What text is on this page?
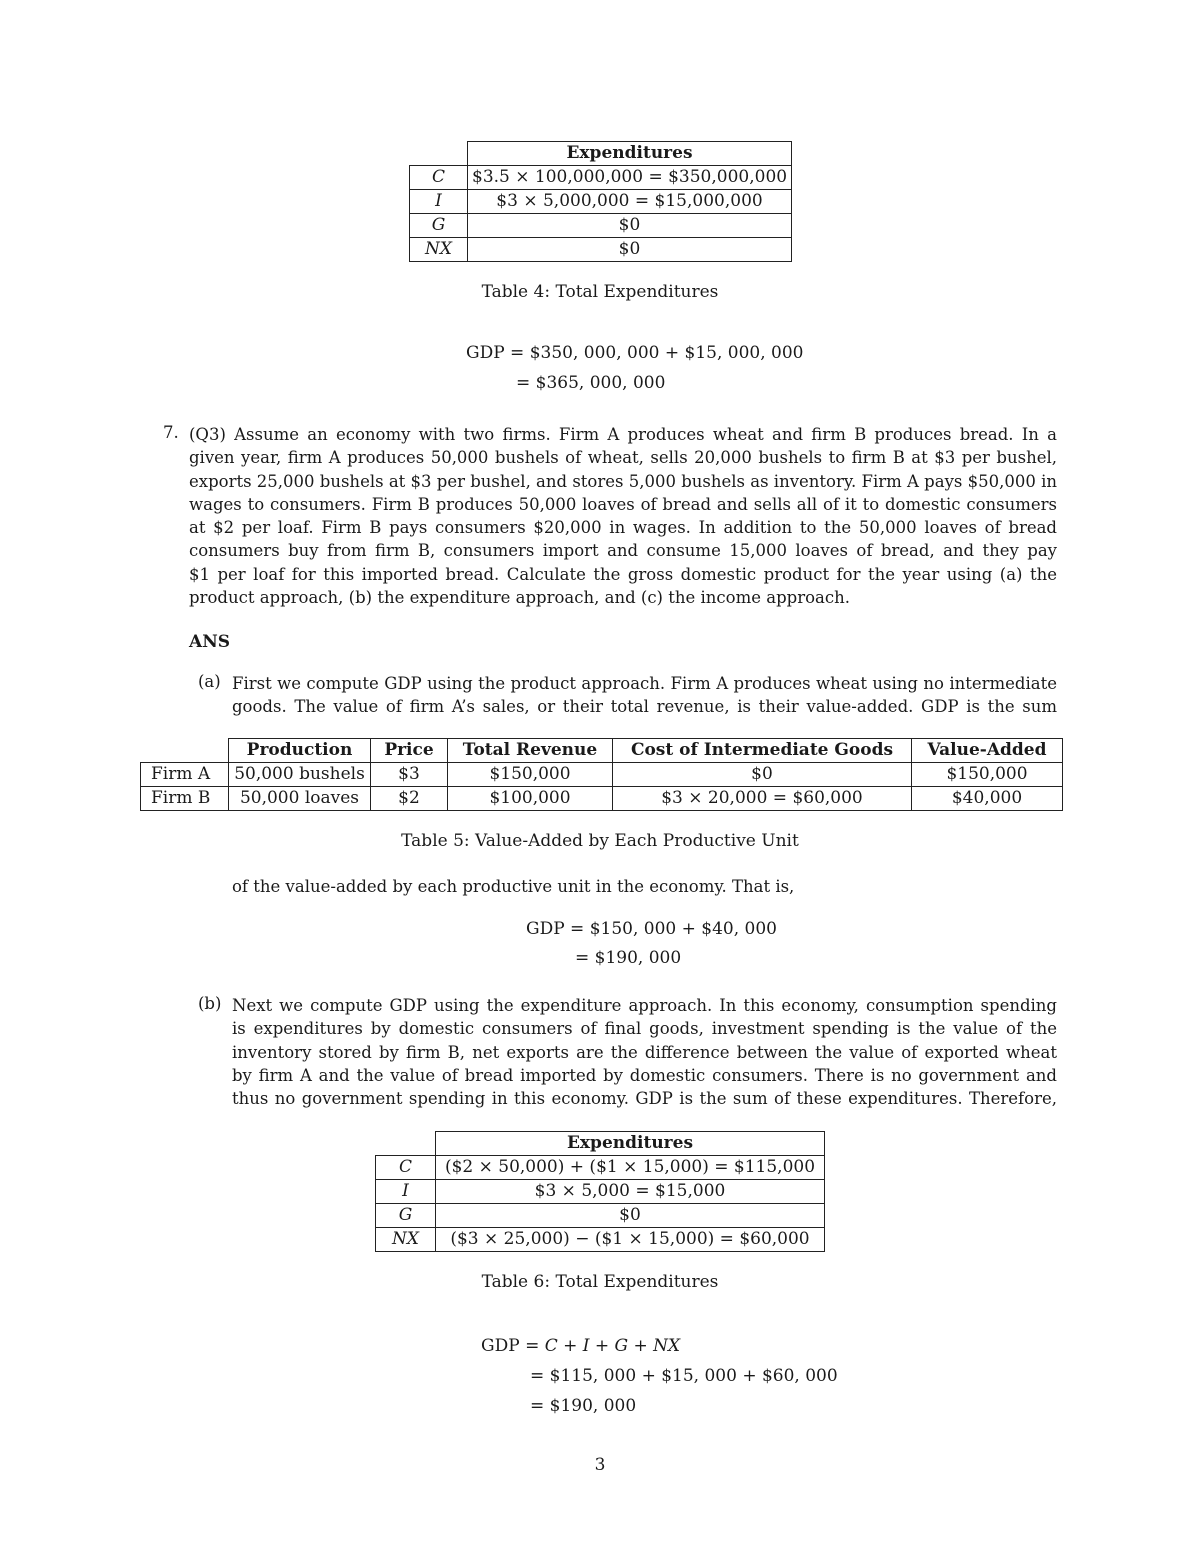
	Expenditures
C	$3.5 × 100,000,000 = $350,000,000
I	$3 × 5,000,000 = $15,000,000
G	$0
NX	$0
Table 4: Total Expenditures
GDP = $350, 000, 000 + $15, 000, 000
= $365, 000, 000
7. (Q3) Assume an economy with two firms. Firm A produces wheat and firm B produces bread. In a
given year, firm A produces 50,000 bushels of wheat, sells 20,000 bushels to firm B at $3 per bushel,
exports 25,000 bushels at $3 per bushel, and stores 5,000 bushels as inventory. Firm A pays $50,000 in
wages to consumers. Firm B produces 50,000 loaves of bread and sells all of it to domestic consumers
at $2 per loaf. Firm B pays consumers $20,000 in wages. In addition to the 50,000 loaves of bread
consumers buy from firm B, consumers import and consume 15,000 loaves of bread, and they pay
$1 per loaf for this imported bread. Calculate the gross domestic product for the year using (a) the
product approach, (b) the expenditure approach, and (c) the income approach.
ANS
(a) First we compute GDP using the product approach. Firm A produces wheat using no intermediate
goods. The value of firm A’s sales, or their total revenue, is their value-added. GDP is the sum
	Production	Price	Total Revenue	Cost of Intermediate Goods	Value-Added
Firm A	50,000 bushels	$3	$150,000	$0	$150,000
Firm B	50,000 loaves	$2	$100,000	$3 × 20,000 = $60,000	$40,000
Table 5: Value-Added by Each Productive Unit
of the value-added by each productive unit in the economy. That is,
GDP = $150, 000 + $40, 000
= $190, 000
(b) Next we compute GDP using the expenditure approach. In this economy, consumption spending
is expenditures by domestic consumers of final goods, investment spending is the value of the
inventory stored by firm B, net exports are the difference between the value of exported wheat
by firm A and the value of bread imported by domestic consumers. There is no government and
thus no government spending in this economy. GDP is the sum of these expenditures. Therefore,
	Expenditures
C	($2 × 50,000) + ($1 × 15,000) = $115,000
I	$3 × 5,000 = $15,000
G	$0
NX	($3 × 25,000) − ($1 × 15,000) = $60,000
Table 6: Total Expenditures
GDP = C + I + G + NX
= $115, 000 + $15, 000 + $60, 000
= $190, 000
3
